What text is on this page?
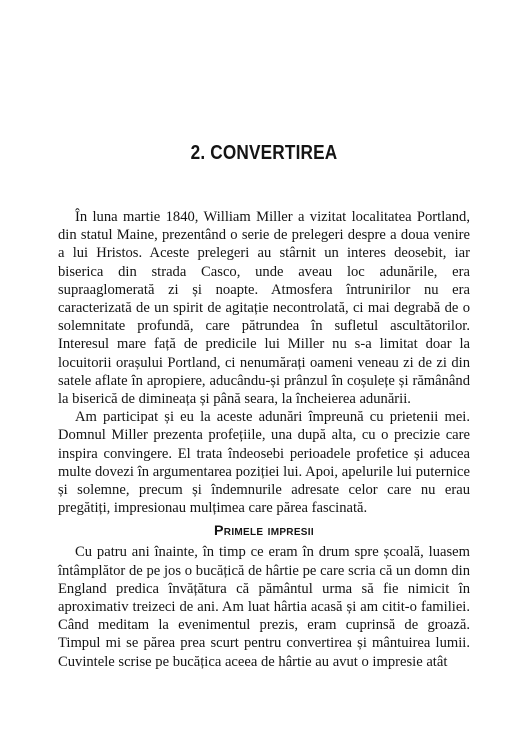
2. CONVERTIREA

În luna martie 1840, William Miller a vizitat localitatea Portland, din statul Maine, prezentând o serie de prelegeri despre a doua venire a lui Hristos. Aceste prelegeri au stârnit un interes deosebit, iar biserica din strada Casco, unde aveau loc adunările, era supraaglomerată zi și noapte. Atmosfera întrunirilor nu era caracterizată de un spirit de agitație necontrolată, ci mai degrabă de o solemnitate profundă, care pătrundea în sufletul ascultătorilor. Interesul mare față de predicile lui Miller nu s-a limitat doar la locuitorii orașului Portland, ci nenumărați oameni veneau zi de zi din satele aflate în apropiere, aducându-și prânzul în coșulețe și rămânând la biserică de dimineața și până seara, la încheierea adunării.

Am participat și eu la aceste adunări împreună cu prietenii mei. Domnul Miller prezenta profețiile, una după alta, cu o precizie care inspira convingere. El trata îndeosebi perioadele profetice și aducea multe dovezi în argumentarea poziției lui. Apoi, apelurile lui puternice și solemne, precum și îndemnurile adresate celor care nu erau pregătiți, impresionau mulțimea care părea fascinată.

Primele impresii

Cu patru ani înainte, în timp ce eram în drum spre școală, luasem întâmplător de pe jos o bucățică de hârtie pe care scria că un domn din England predica învățătura că pământul urma să fie nimicit în aproximativ treizeci de ani. Am luat hârtia acasă și am citit-o familiei. Când meditam la evenimentul prezis, eram cuprinsă de groază. Timpul mi se părea prea scurt pentru convertirea și mântuirea lumii. Cuvintele scrise pe bucățica aceea de hârtie au avut o impresie atât
